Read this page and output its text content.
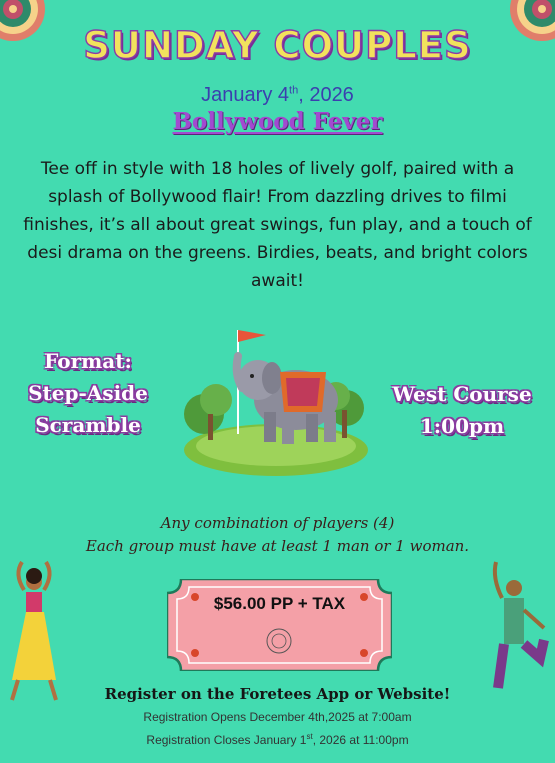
SUNDAY COUPLES
January 4th, 2026
Bollywood Fever
Tee off in style with 18 holes of lively golf, paired with a splash of Bollywood flair! From dazzling drives to filmi finishes, it’s all about great swings, fun play, and a touch of desi drama on the greens. Birdies, beats, and bright colors await!
Format:
Step-Aside
Scramble
West Course
1:00pm
Any combination of players (4)
Each group must have at least 1 man or 1 woman.
$56.00 PP + TAX
Register on the Foretees App or Website!
Registration Opens December 4th,2025 at 7:00am
Registration Closes January 1st, 2026 at 11:00pm
